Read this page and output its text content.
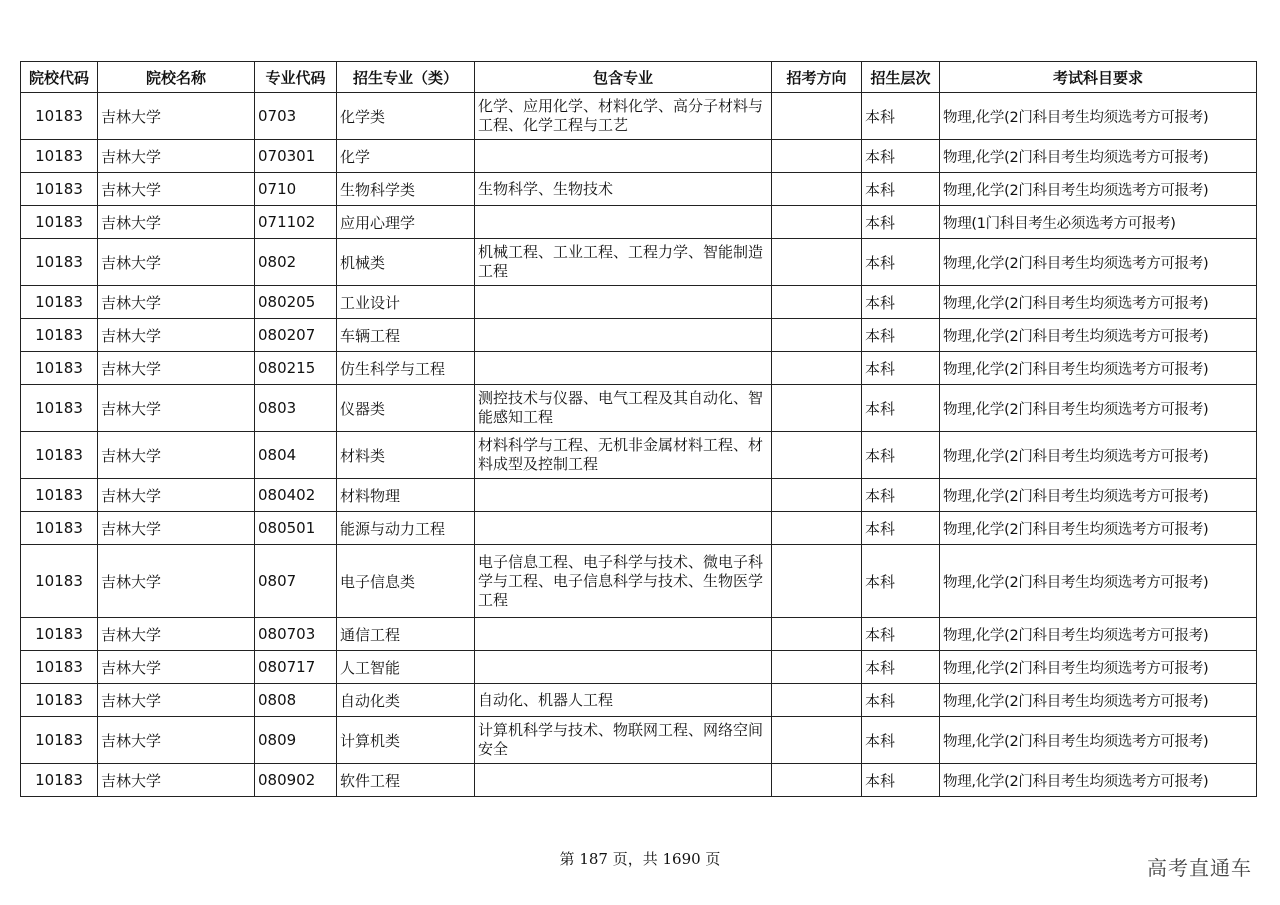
院校代码	院校名称	专业代码	招生专业（类）	包含专业	招考方向	招生层次	考试科目要求
10183	吉林大学	0703	化学类	化学、应用化学、材料化学、高分子材料与工程、化学工程与工艺		本科	物理,化学(2门科目考生均须选考方可报考)
10183	吉林大学	070301	化学			本科	物理,化学(2门科目考生均须选考方可报考)
10183	吉林大学	0710	生物科学类	生物科学、生物技术		本科	物理,化学(2门科目考生均须选考方可报考)
10183	吉林大学	071102	应用心理学			本科	物理(1门科目考生必须选考方可报考)
10183	吉林大学	0802	机械类	机械工程、工业工程、工程力学、智能制造工程		本科	物理,化学(2门科目考生均须选考方可报考)
10183	吉林大学	080205	工业设计			本科	物理,化学(2门科目考生均须选考方可报考)
10183	吉林大学	080207	车辆工程			本科	物理,化学(2门科目考生均须选考方可报考)
10183	吉林大学	080215	仿生科学与工程			本科	物理,化学(2门科目考生均须选考方可报考)
10183	吉林大学	0803	仪器类	测控技术与仪器、电气工程及其自动化、智能感知工程		本科	物理,化学(2门科目考生均须选考方可报考)
10183	吉林大学	0804	材料类	材料科学与工程、无机非金属材料工程、材料成型及控制工程		本科	物理,化学(2门科目考生均须选考方可报考)
10183	吉林大学	080402	材料物理			本科	物理,化学(2门科目考生均须选考方可报考)
10183	吉林大学	080501	能源与动力工程			本科	物理,化学(2门科目考生均须选考方可报考)
10183	吉林大学	0807	电子信息类	电子信息工程、电子科学与技术、微电子科学与工程、电子信息科学与技术、生物医学工程		本科	物理,化学(2门科目考生均须选考方可报考)
10183	吉林大学	080703	通信工程			本科	物理,化学(2门科目考生均须选考方可报考)
10183	吉林大学	080717	人工智能			本科	物理,化学(2门科目考生均须选考方可报考)
10183	吉林大学	0808	自动化类	自动化、机器人工程		本科	物理,化学(2门科目考生均须选考方可报考)
10183	吉林大学	0809	计算机类	计算机科学与技术、物联网工程、网络空间安全		本科	物理,化学(2门科目考生均须选考方可报考)
10183	吉林大学	080902	软件工程			本科	物理,化学(2门科目考生均须选考方可报考)
第 187 页，共 1690 页	高考直通车
